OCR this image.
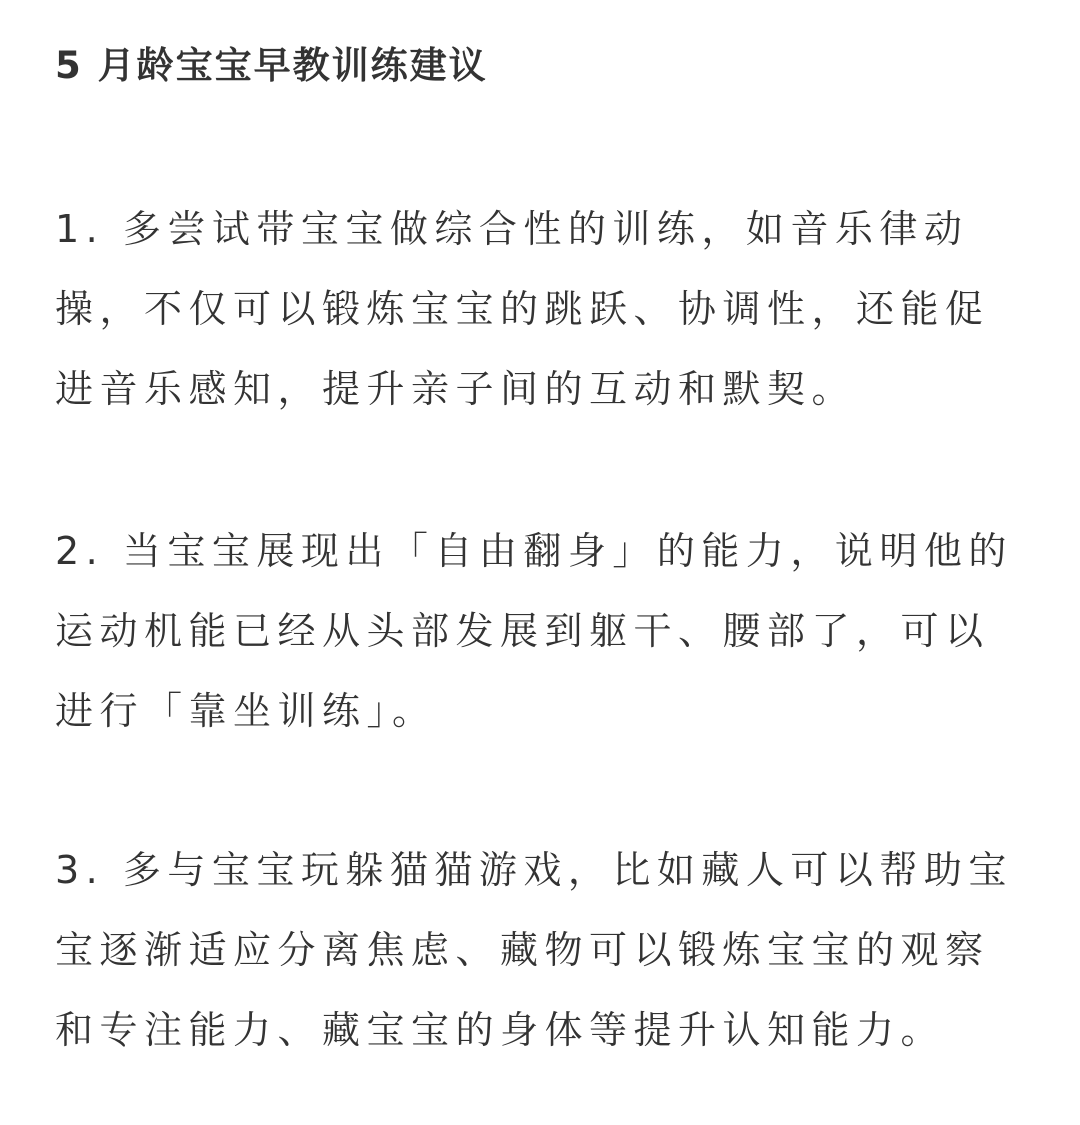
5 月龄宝宝早教训练建议

1. 多尝试带宝宝做综合性的训练，如音乐律动
操，不仅可以锻炼宝宝的跳跃、协调性，还能促
进音乐感知，提升亲子间的互动和默契。

2. 当宝宝展现出「自由翻身」的能力，说明他的
运动机能已经从头部发展到躯干、腰部了，可以
进行「靠坐训练」。

3. 多与宝宝玩躲猫猫游戏，比如藏人可以帮助宝
宝逐渐适应分离焦虑、藏物可以锻炼宝宝的观察
和专注能力、藏宝宝的身体等提升认知能力。
